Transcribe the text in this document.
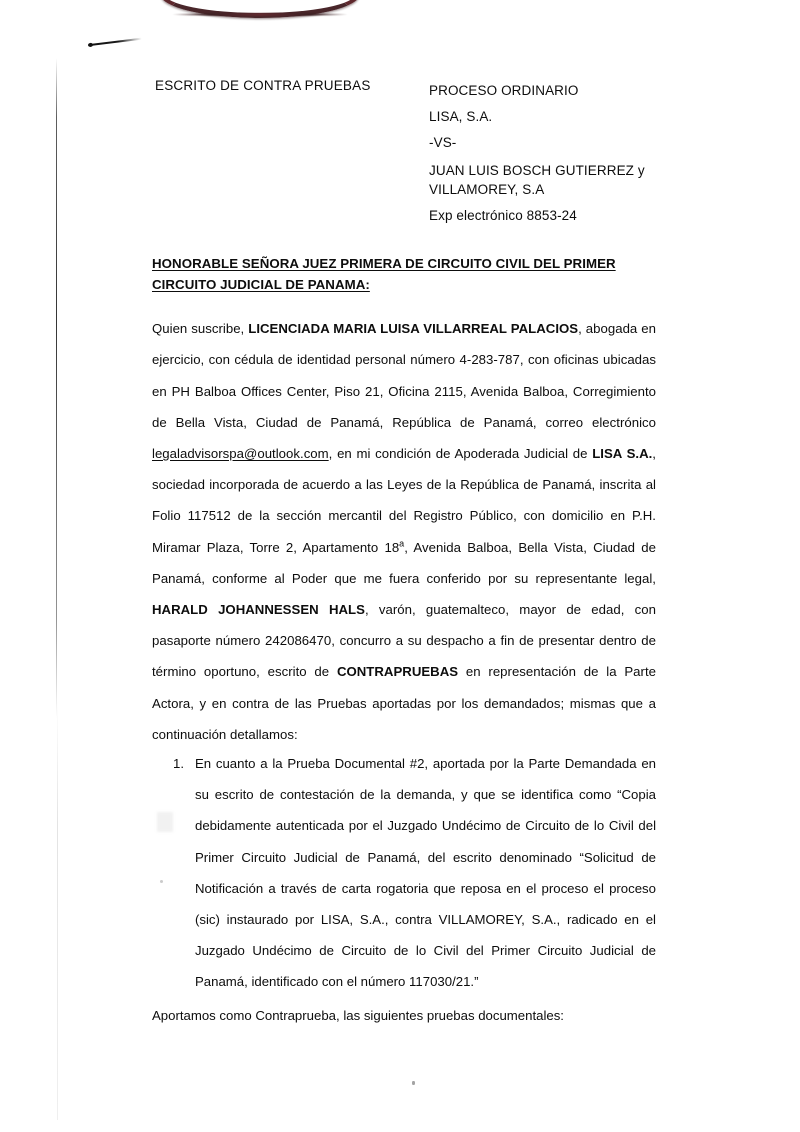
ESCRITO DE CONTRA PRUEBAS	PROCESO ORDINARIO
LISA, S.A.
-VS-
JUAN LUIS BOSCH GUTIERREZ y
VILLAMOREY, S.A
Exp electrónico 8853-24
HONORABLE SEÑORA JUEZ PRIMERA DE CIRCUITO CIVIL DEL PRIMER
CIRCUITO JUDICIAL DE PANAMA:

Quien suscribe, LICENCIADA MARIA LUISA VILLARREAL PALACIOS, abogada en ejercicio, con cédula de identidad personal número 4-283-787, con oficinas ubicadas en PH Balboa Offices Center, Piso 21, Oficina 2115, Avenida Balboa, Corregimiento de Bella Vista, Ciudad de Panamá, República de Panamá, correo electrónico legaladvisorspa@outlook.com, en mi condición de Apoderada Judicial de LISA S.A., sociedad incorporada de acuerdo a las Leyes de la República de Panamá, inscrita al Folio 117512 de la sección mercantil del Registro Público, con domicilio en P.H. Miramar Plaza, Torre 2, Apartamento 18$^a$, Avenida Balboa, Bella Vista, Ciudad de Panamá, conforme al Poder que me fuera conferido por su representante legal, HARALD JOHANNESSEN HALS, varón, guatemalteco, mayor de edad, con pasaporte número 242086470, concurro a su despacho a fin de presentar dentro de término oportuno, escrito de CONTRAPRUEBAS en representación de la Parte Actora, y en contra de las Pruebas aportadas por los demandados; mismas que a continuación detallamos:

1. En cuanto a la Prueba Documental #2, aportada por la Parte Demandada en su escrito de contestación de la demanda, y que se identifica como “Copia debidamente autenticada por el Juzgado Undécimo de Circuito de lo Civil del Primer Circuito Judicial de Panamá, del escrito denominado “Solicitud de Notificación a través de carta rogatoria que reposa en el proceso el proceso (sic) instaurado por LISA, S.A., contra VILLAMOREY, S.A., radicado en el Juzgado Undécimo de Circuito de lo Civil del Primer Circuito Judicial de Panamá, identificado con el número 117030/21.”
Aportamos como Contraprueba, las siguientes pruebas documentales:
